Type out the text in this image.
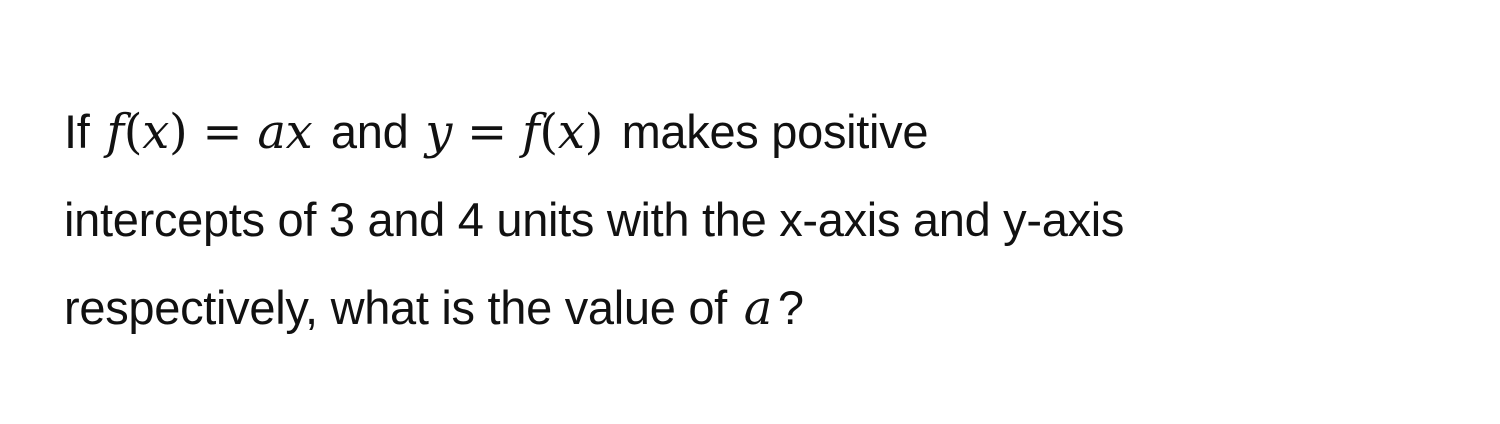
If f(x) = ax and y = f(x) makes positive
intercepts of 3 and 4 units with the x-axis and y-axis
respectively, what is the value of a ?
